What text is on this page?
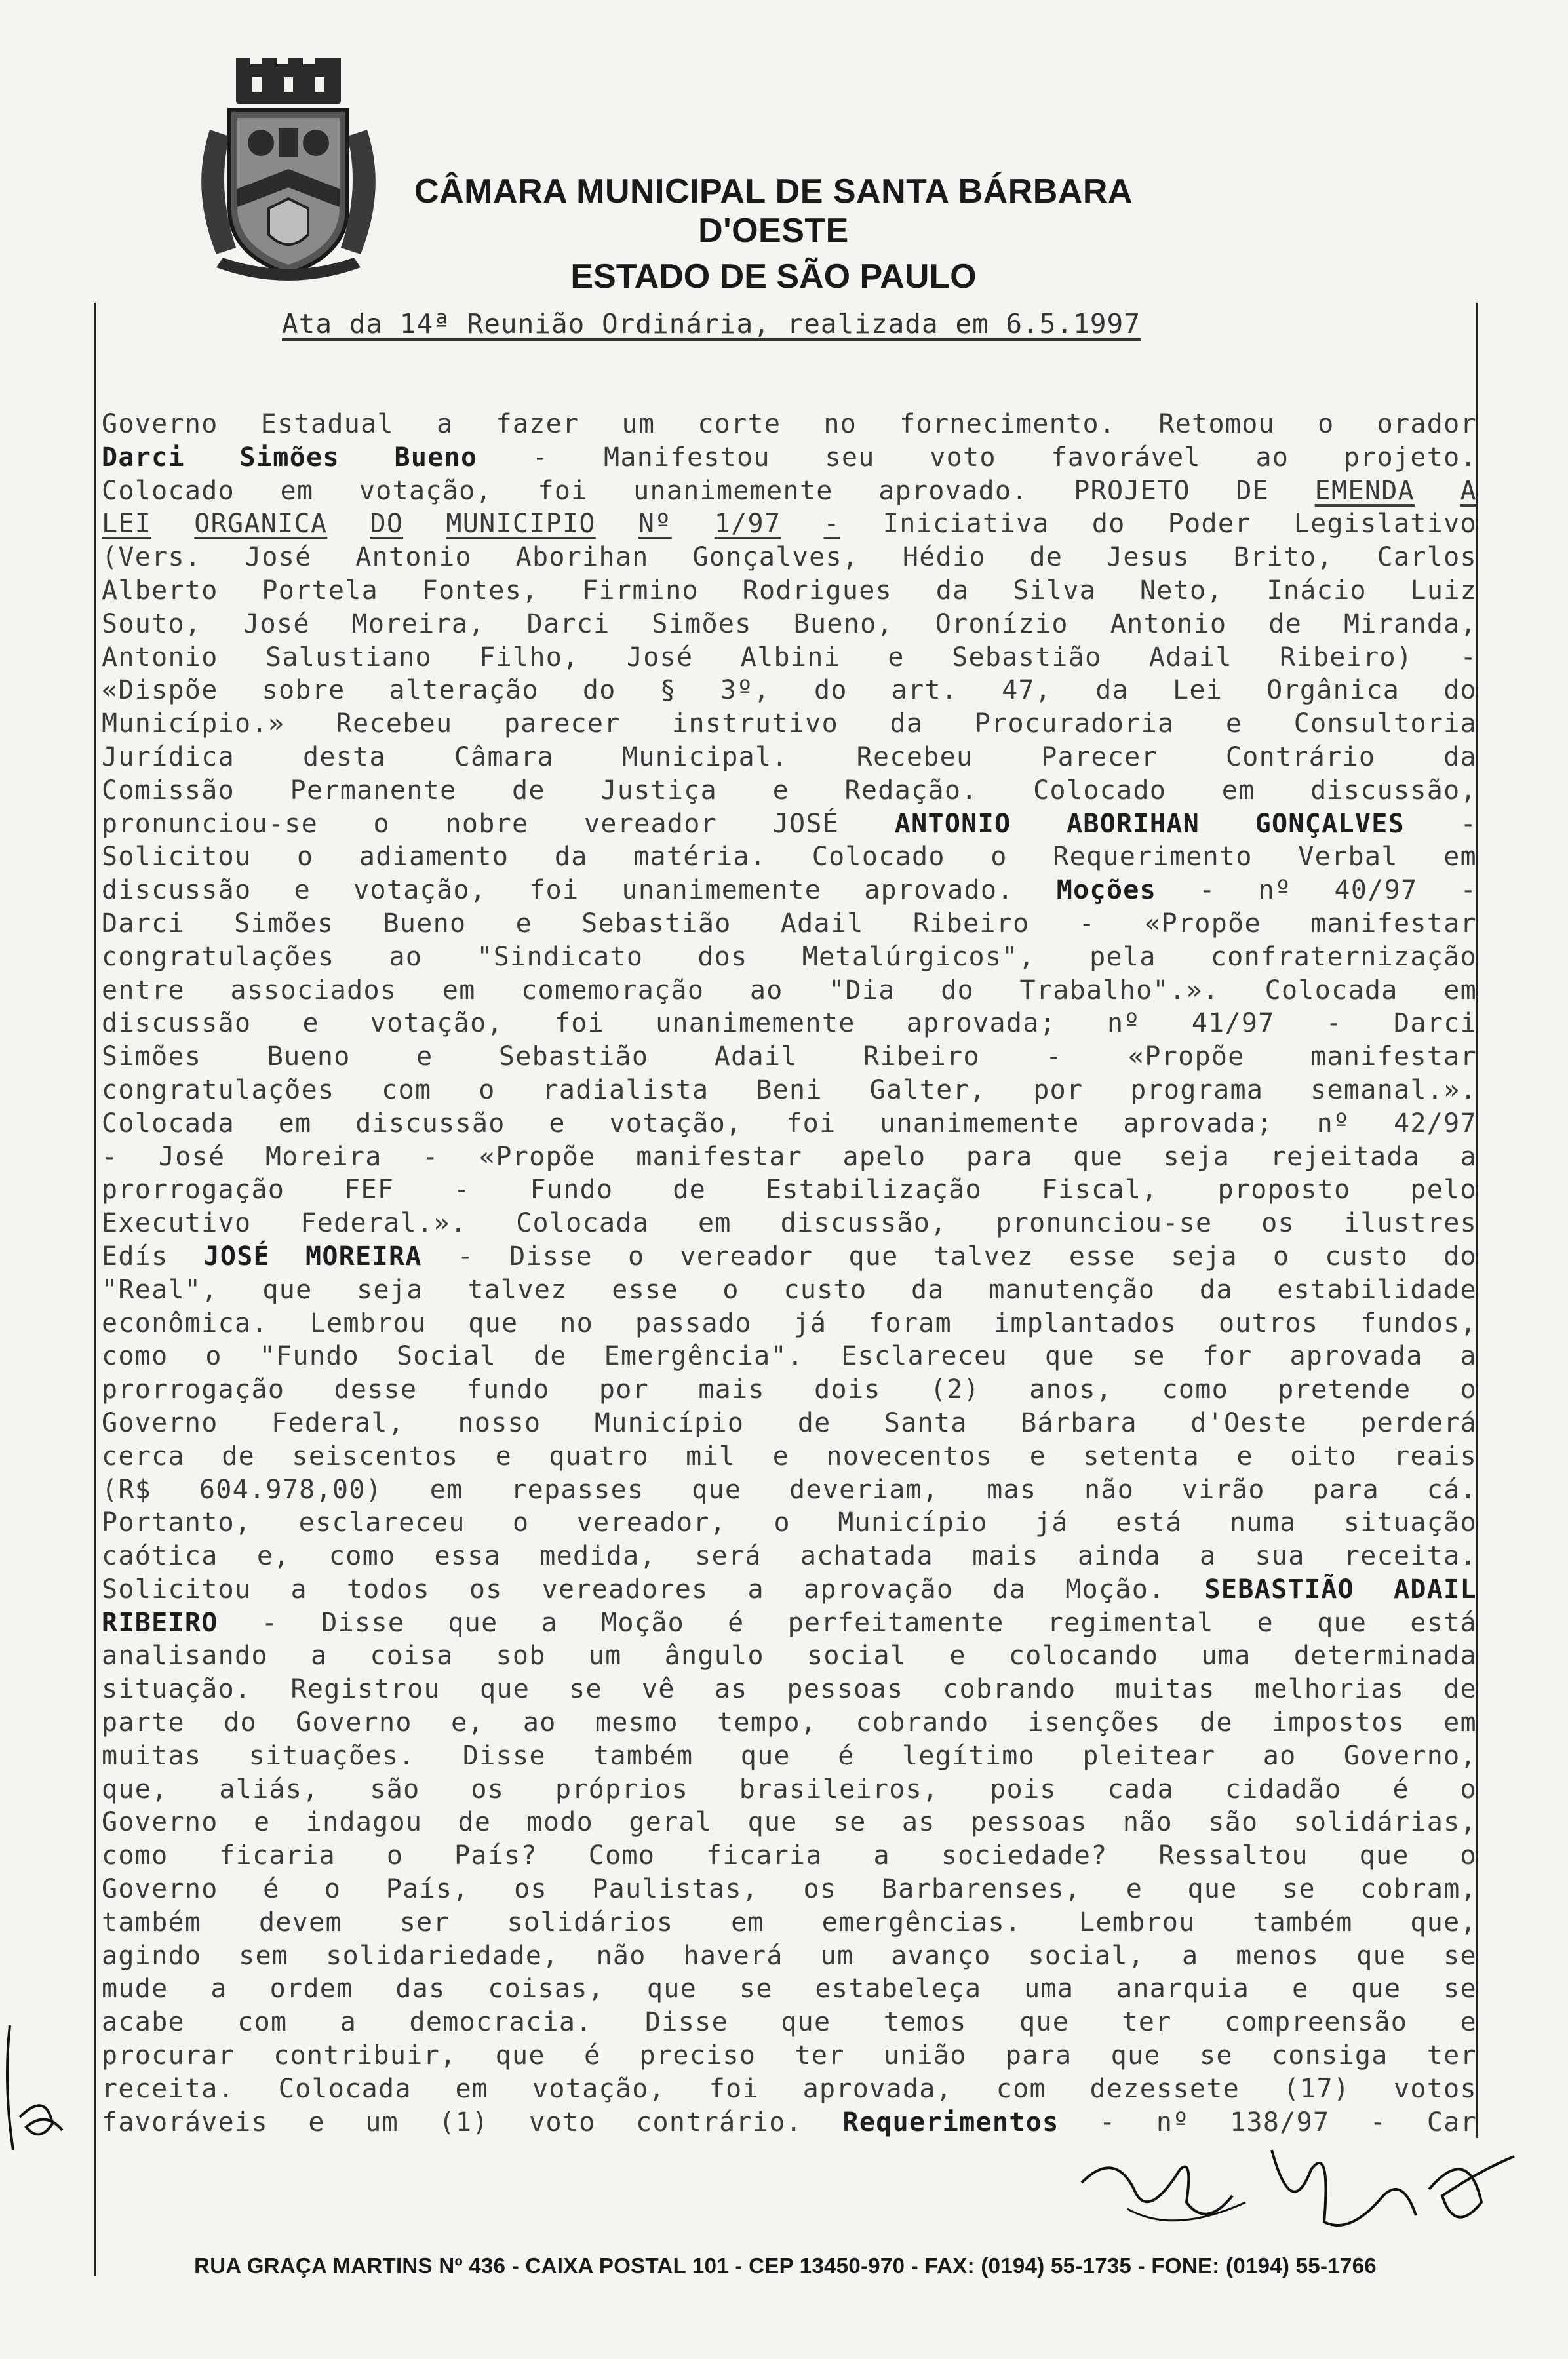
CÂMARA MUNICIPAL DE SANTA BÁRBARA D'OESTE
ESTADO DE SÃO PAULO
Ata da 14ª Reunião Ordinária, realizada em 6.5.1997
Governo Estadual a fazer um corte no fornecimento. Retomou o orador
Darci Simões Bueno - Manifestou seu voto favorável ao projeto.
Colocado em votação, foi unanimemente aprovado. PROJETO DE EMENDA A
LEI ORGANICA DO MUNICIPIO Nº 1/97 - Iniciativa do Poder Legislativo
(Vers. José Antonio Aborihan Gonçalves, Hédio de Jesus Brito, Carlos
Alberto Portela Fontes, Firmino Rodrigues da Silva Neto, Inácio Luiz
Souto, José Moreira, Darci Simões Bueno, Oronízio Antonio de Miranda,
Antonio Salustiano Filho, José Albini e Sebastião Adail Ribeiro) -
«Dispõe sobre alteração do § 3º, do art. 47, da Lei Orgânica do
Município.» Recebeu parecer instrutivo da Procuradoria e Consultoria
Jurídica	desta	Câmara	Municipal.	Recebeu	Parecer	Contrário	da
Comissão Permanente de Justiça e Redação. Colocado em discussão,
pronunciou-se o nobre vereador JOSÉ ANTONIO ABORIHAN GONÇALVES -
Solicitou o adiamento da matéria. Colocado o Requerimento Verbal em
discussão e votação, foi unanimemente aprovado. Moções - nº 40/97 -
Darci Simões Bueno e Sebastião Adail Ribeiro - «Propõe manifestar
congratulações ao "Sindicato dos Metalúrgicos", pela confraternização
entre associados em comemoração ao "Dia do Trabalho".». Colocada em
discussão e votação, foi unanimemente aprovada; nº 41/97 - Darci
Simões	Bueno	e	Sebastião	Adail	Ribeiro	-	«Propõe	manifestar
congratulações com o radialista Beni Galter, por programa semanal.».
Colocada em discussão e votação, foi unanimemente aprovada; nº 42/97
- José Moreira - «Propõe manifestar apelo para que seja rejeitada a
prorrogação FEF - Fundo de Estabilização Fiscal, proposto pelo
Executivo Federal.». Colocada em discussão, pronunciou-se os ilustres
Edís JOSÉ MOREIRA - Disse o vereador que talvez esse seja o custo do
"Real", que seja talvez esse o custo da manutenção da estabilidade
econômica. Lembrou que no passado já foram implantados outros fundos,
como o "Fundo Social de Emergência". Esclareceu que se for aprovada a
prorrogação desse fundo por mais dois (2) anos, como pretende o
Governo Federal, nosso Município de Santa Bárbara d'Oeste perderá
cerca de seiscentos e quatro mil e novecentos e setenta e oito reais
(R$ 604.978,00) em repasses que deveriam, mas não virão para cá.
Portanto, esclareceu o vereador, o Município já está numa situação
caótica e, como essa medida, será achatada mais ainda a sua receita.
Solicitou a todos os vereadores a aprovação da Moção. SEBASTIÃO ADAIL
RIBEIRO - Disse que a Moção é perfeitamente regimental e que está
analisando a coisa sob um ângulo social e colocando uma determinada
situação. Registrou que se vê as pessoas cobrando muitas melhorias de
parte do Governo e, ao mesmo tempo, cobrando isenções de impostos em
muitas situações. Disse também que é legítimo pleitear ao Governo,
que, aliás, são os próprios brasileiros, pois cada cidadão é o
Governo e indagou de modo geral que se as pessoas não são solidárias,
como ficaria o País? Como ficaria a sociedade? Ressaltou que o
Governo é o País, os Paulistas, os Barbarenses, e que se cobram,
também devem ser solidários em emergências. Lembrou também que,
agindo sem solidariedade, não haverá um avanço social, a menos que se
mude a ordem das coisas, que se estabeleça uma anarquia e que se
acabe com a democracia. Disse que temos que ter compreensão e
procurar contribuir, que é preciso ter união para que se consiga ter
receita. Colocada em votação, foi aprovada, com dezessete (17) votos
favoráveis e um (1) voto contrário. Requerimentos - nº 138/97 - Car
RUA GRAÇA MARTINS Nº 436 - CAIXA POSTAL 101 - CEP 13450-970 - FAX: (0194) 55-1735 - FONE: (0194) 55-1766
